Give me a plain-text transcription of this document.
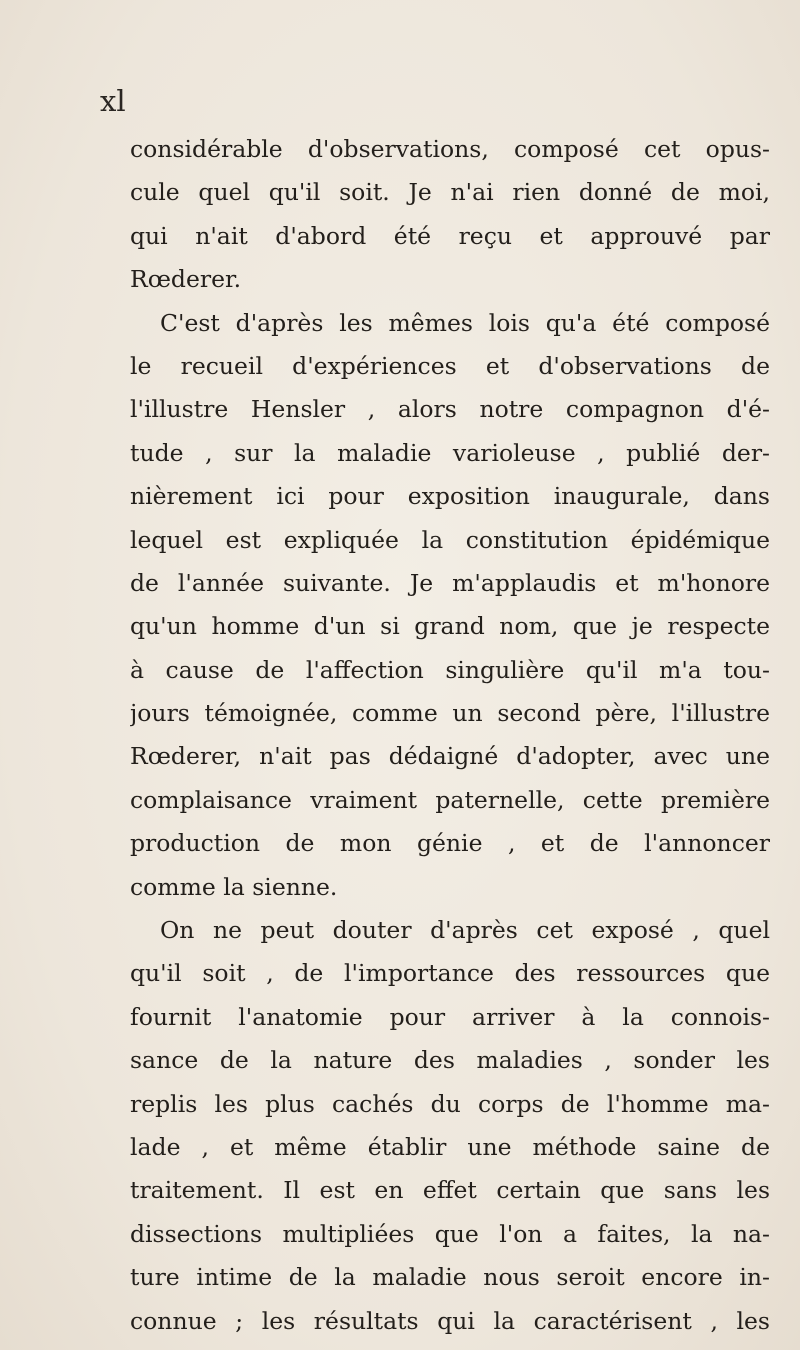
xl
considérable d'observations, composé cet opus-
cule quel qu'il soit. Je n'ai rien donné de moi,
qui n'ait d'abord été reçu et approuvé par
Rœderer.
C'est d'après les mêmes lois qu'a été composé
le recueil d'expériences et d'observations de
l'illustre Hensler , alors notre compagnon d'é-
tude , sur la maladie varioleuse , publié der-
nièrement ici pour exposition inaugurale, dans
lequel est expliquée la constitution épidémique
de l'année suivante. Je m'applaudis et m'honore
qu'un homme d'un si grand nom, que je respecte
à cause de l'affection singulière qu'il m'a tou-
jours témoignée, comme un second père, l'illustre
Rœderer, n'ait pas dédaigné d'adopter, avec une
complaisance vraiment paternelle, cette première
production de mon génie , et de l'annoncer
comme la sienne.
On ne peut douter d'après cet exposé , quel
qu'il soit , de l'importance des ressources que
fournit l'anatomie pour arriver à la connois-
sance de la nature des maladies , sonder les
replis les plus cachés du corps de l'homme ma-
lade , et même établir une méthode saine de
traitement. Il est en effet certain que sans les
dissections multipliées que l'on a faites, la na-
ture intime de la maladie nous seroit encore in-
connue ; les résultats qui la caractérisent , les
